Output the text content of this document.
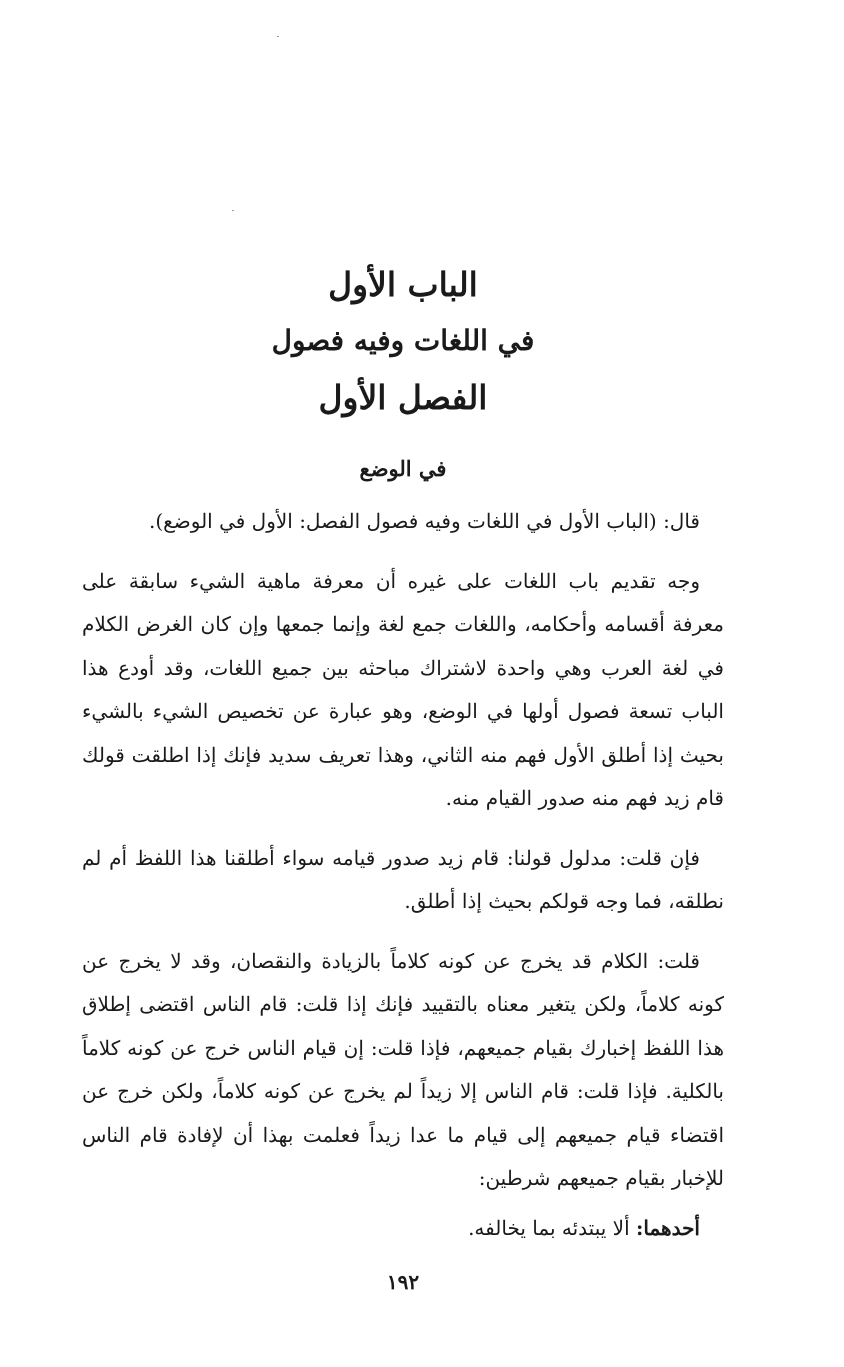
الباب الأول
في اللغات وفيه فصول
الفصل الأول
في الوضع

قال: (الباب الأول في اللغات وفيه فصول الفصل: الأول في الوضع).

وجه تقديم باب اللغات على غيره أن معرفة ماهية الشيء سابقة على معرفة أقسامه وأحكامه، واللغات جمع لغة وإنما جمعها وإن كان الغرض الكلام في لغة العرب وهي واحدة لاشتراك مباحثه بين جميع اللغات، وقد أودع هذا الباب تسعة فصول أولها في الوضع، وهو عبارة عن تخصيص الشيء بالشيء بحيث إذا أطلق الأول فهم منه الثاني، وهذا تعريف سديد فإنك إذا اطلقت قولك قام زيد فهم منه صدور القيام منه.

فإن قلت: مدلول قولنا: قام زيد صدور قيامه سواء أطلقنا هذا اللفظ أم لم نطلقه، فما وجه قولكم بحيث إذا أطلق.

قلت: الكلام قد يخرج عن كونه كلاماً بالزيادة والنقصان، وقد لا يخرج عن كونه كلاماً، ولكن يتغير معناه بالتقييد فإنك إذا قلت: قام الناس اقتضى إطلاق هذا اللفظ إخبارك بقيام جميعهم، فإذا قلت: إن قيام الناس خرج عن كونه كلاماً بالكلية. فإذا قلت: قام الناس إلا زيداً لم يخرج عن كونه كلاماً، ولكن خرج عن اقتضاء قيام جميعهم إلى قيام ما عدا زيداً فعلمت بهذا أن لإفادة قام الناس للإخبار بقيام جميعهم شرطين:

أحدهما: ألا يبتدئه بما يخالفه.

١٩٢
